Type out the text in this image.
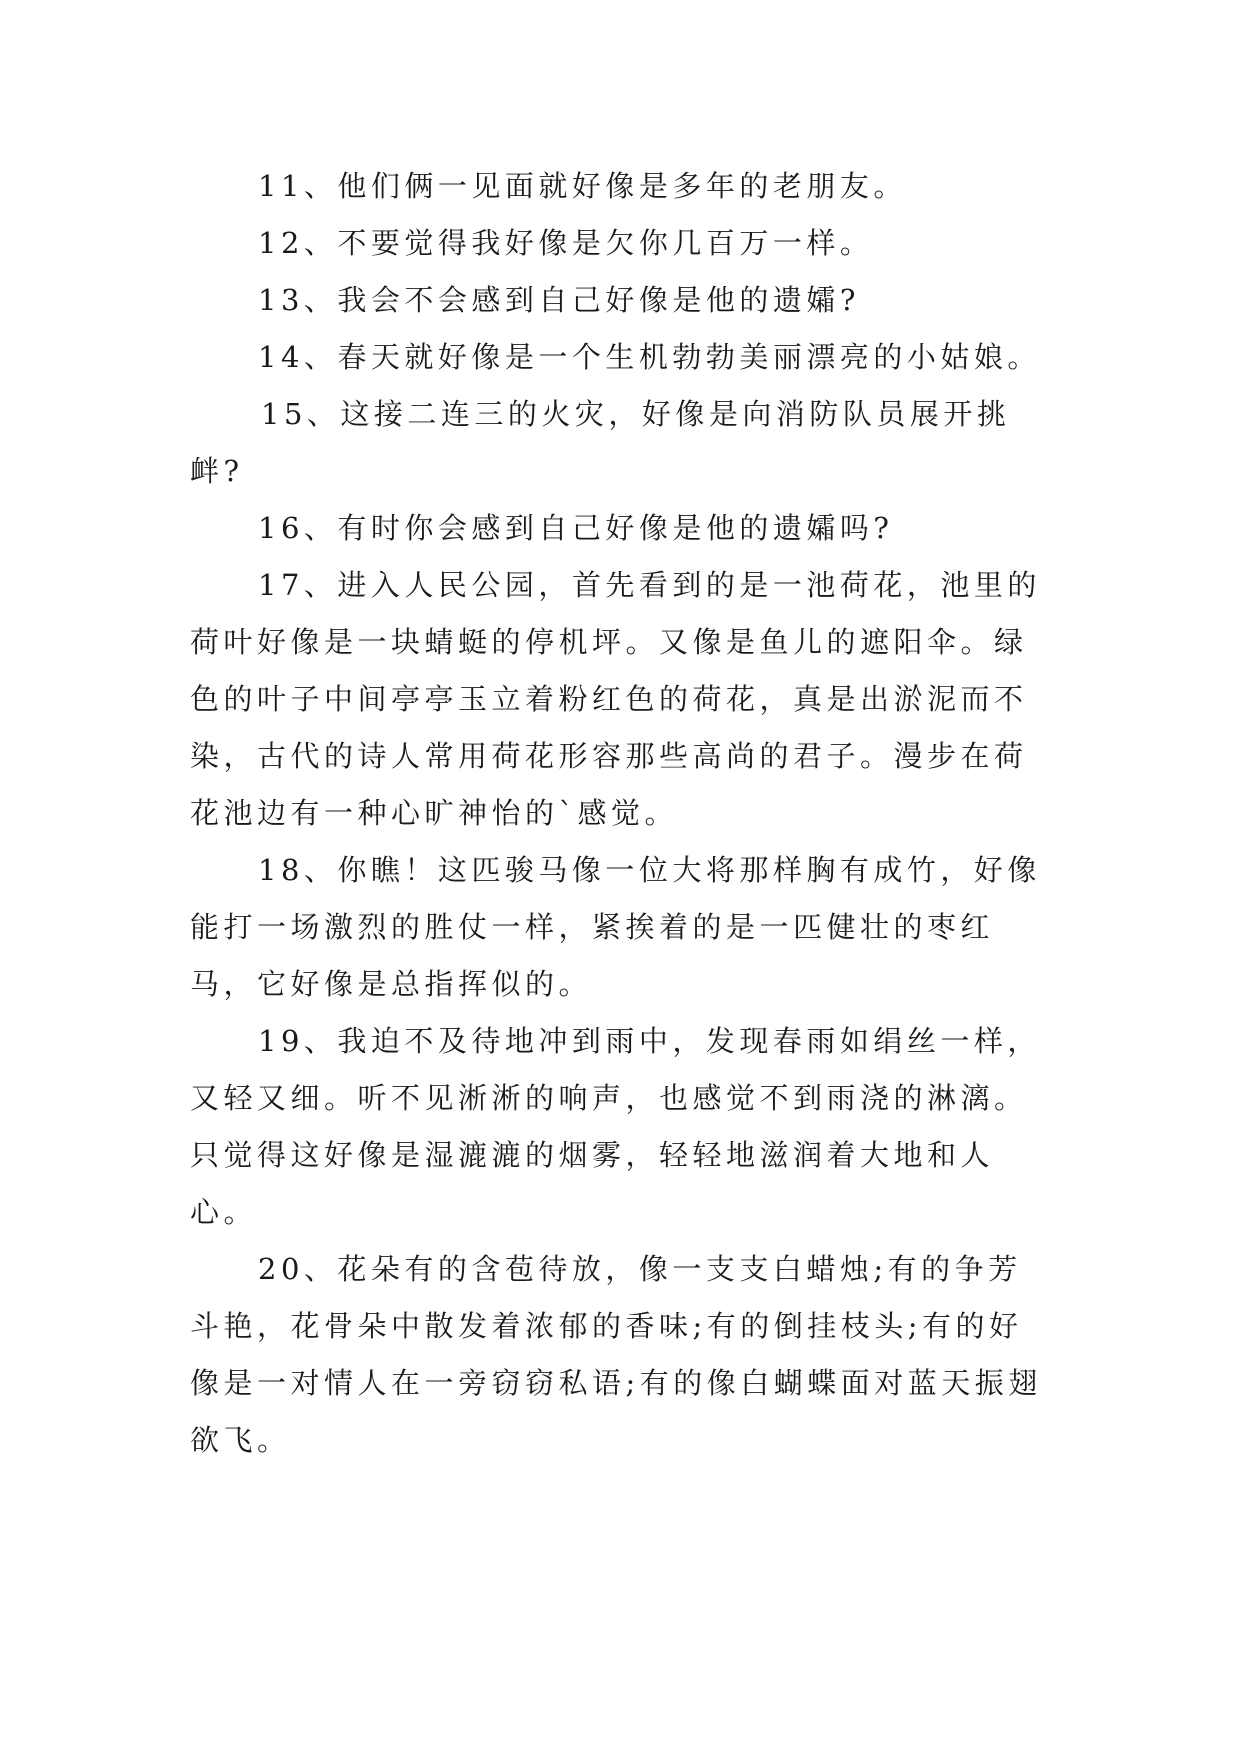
11、他们俩一见面就好像是多年的老朋友。

12、不要觉得我好像是欠你几百万一样。

13、我会不会感到自己好像是他的遗孀?

14、春天就好像是一个生机勃勃美丽漂亮的小姑娘。

15、这接二连三的火灾，好像是向消防队员展开挑衅?

16、有时你会感到自己好像是他的遗孀吗?

17、进入人民公园，首先看到的是一池荷花，池里的荷叶好像是一块蜻蜓的停机坪。又像是鱼儿的遮阳伞。绿色的叶子中间亭亭玉立着粉红色的荷花，真是出淤泥而不染，古代的诗人常用荷花形容那些高尚的君子。漫步在荷花池边有一种心旷神怡的`感觉。

18、你瞧！这匹骏马像一位大将那样胸有成竹，好像能打一场激烈的胜仗一样，紧挨着的是一匹健壮的枣红马，它好像是总指挥似的。

19、我迫不及待地冲到雨中，发现春雨如绢丝一样，又轻又细。听不见淅淅的响声，也感觉不到雨浇的淋漓。只觉得这好像是湿漉漉的烟雾，轻轻地滋润着大地和人心。

20、花朵有的含苞待放，像一支支白蜡烛;有的争芳斗艳，花骨朵中散发着浓郁的香味;有的倒挂枝头;有的好像是一对情人在一旁窃窃私语;有的像白蝴蝶面对蓝天振翅欲飞。
